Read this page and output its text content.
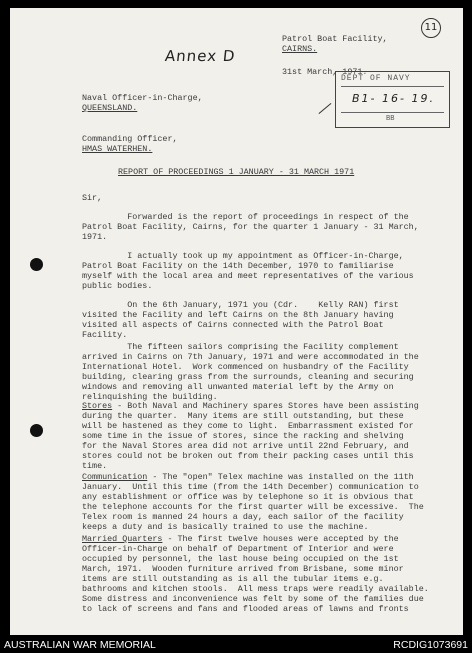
11
Annex D
Patrol Boat Facility,
CAIRNS.
31st March, 1971.
DEPT OF NAVY
B1- 16- 19.
BB
Naval Officer-in-Charge,
QUEENSLAND.
Commanding Officer,
HMAS WATERHEN.
REPORT OF PROCEEDINGS 1 JANUARY - 31 MARCH 1971
Sir,
Forwarded is the report of proceedings in respect of the
Patrol Boat Facility, Cairns, for the quarter 1 January - 31 March,
1971.
I actually took up my appointment as Officer-in-Charge,
Patrol Boat Facility on the 14th December, 1970 to familiarise
myself with the local area and meet representatives of the various
public bodies.
On the 6th January, 1971 you (Cdr.    Kelly RAN) first
visited the Facility and left Cairns on the 8th January having
visited all aspects of Cairns connected with the Patrol Boat
Facility.
The fifteen sailors comprising the Facility complement
arrived in Cairns on 7th January, 1971 and were accommodated in the
International Hotel.  Work commenced on husbandry of the Facility
building, clearing grass from the surrounds, cleaning and securing
windows and removing all unwanted material left by the Army on
relinquishing the building.
Stores - Both Naval and Machinery spares Stores have been assisting
during the quarter.  Many items are still outstanding, but these
will be hastened as they come to light.  Embarrassment existed for
some time in the issue of stores, since the racking and shelving
for the Naval Stores area did not arrive until 22nd February, and
stores could not be broken out from their packing cases until this
time.
Communication - The "open" Telex machine was installed on the 11th
January.  Until this time (from the 14th December) communication to
any establishment or office was by telephone so it is obvious that
the telephone accounts for the first quarter will be excessive.  The
Telex room is manned 24 hours a day, each sailor of the facility
keeps a duty and is basically trained to use the machine.
Married Quarters - The first twelve houses were accepted by the
Officer-in-Charge on behalf of Department of Interior and were
occupied by personnel, the last house being occupied on the 1st
March, 1971.  Wooden furniture arrived from Brisbane, some minor
items are still outstanding as is all the tubular items e.g.
bathrooms and kitchen stools.  All mess traps were readily available.
Some distress and inconvenience was felt by some of the families due
to lack of screens and fans and flooded areas of lawns and fronts
AUSTRALIAN WAR MEMORIAL	RCDIG1073691
